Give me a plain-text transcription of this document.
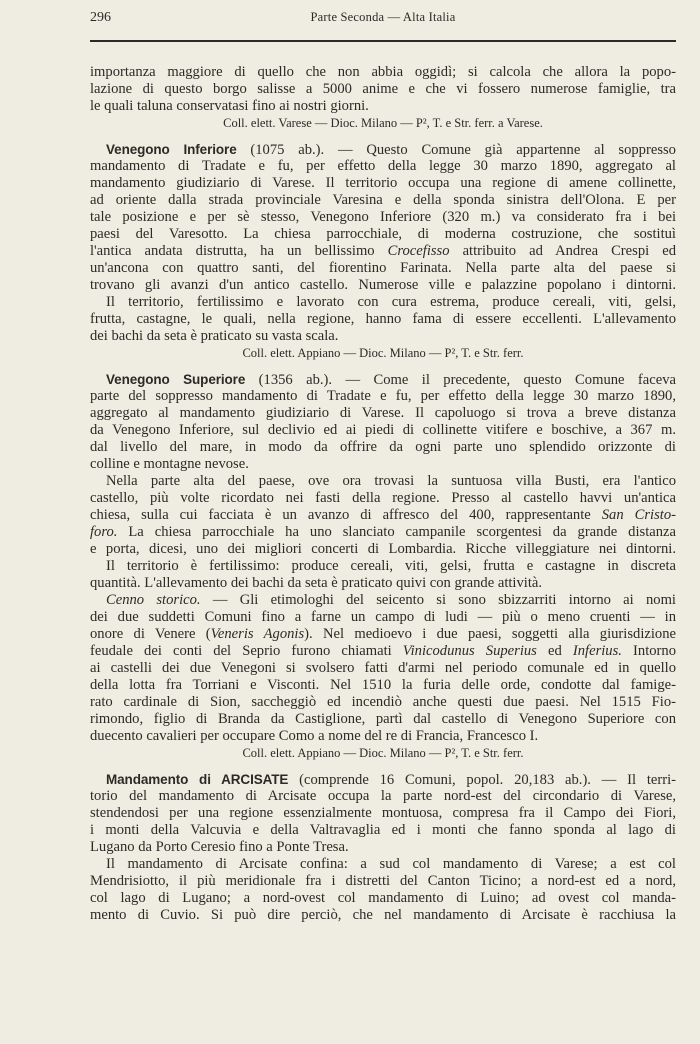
296	Parte Seconda — Alta Italia
importanza maggiore di quello che non abbia oggidì; si calcola che allora la popo-
lazione di questo borgo salisse a 5000 anime e che vi fossero numerose famiglie, tra
le quali taluna conservatasi fino ai nostri giorni.
Coll. elett. Varese — Dioc. Milano — P², T. e Str. ferr. a Varese.
Venegono Inferiore (1075 ab.). — Questo Comune già appartenne al soppresso
mandamento di Tradate e fu, per effetto della legge 30 marzo 1890, aggregato al
mandamento giudiziario di Varese. Il territorio occupa una regione di amene collinette,
ad oriente dalla strada provinciale Varesina e della sponda sinistra dell'Olona. E per
tale posizione e per sè stesso, Venegono Inferiore (320 m.) va considerato fra i bei
paesi del Varesotto. La chiesa parrocchiale, di moderna costruzione, che sostituì
l'antica andata distrutta, ha un bellissimo Crocefisso attribuito ad Andrea Crespi ed
un'ancona con quattro santi, del fiorentino Farinata. Nella parte alta del paese si
trovano gli avanzi d'un antico castello. Numerose ville e palazzine popolano i dintorni.
Il territorio, fertilissimo e lavorato con cura estrema, produce cereali, viti, gelsi,
frutta, castagne, le quali, nella regione, hanno fama di essere eccellenti. L'allevamento
dei bachi da seta è praticato su vasta scala.
Coll. elett. Appiano — Dioc. Milano — P², T. e Str. ferr.
Venegono Superiore (1356 ab.). — Come il precedente, questo Comune faceva
parte del soppresso mandamento di Tradate e fu, per effetto della legge 30 marzo 1890,
aggregato al mandamento giudiziario di Varese. Il capoluogo si trova a breve distanza
da Venegono Inferiore, sul declivio ed ai piedi di collinette vitifere e boschive, a 367 m.
dal livello del mare, in modo da offrire da ogni parte uno splendido orizzonte di
colline e montagne nevose.
Nella parte alta del paese, ove ora trovasi la suntuosa villa Busti, era l'antico
castello, più volte ricordato nei fasti della regione. Presso al castello havvi un'antica
chiesa, sulla cui facciata è un avanzo di affresco del 400, rappresentante San Cristo-
foro. La chiesa parrocchiale ha uno slanciato campanile scorgentesi da grande distanza
e porta, dicesi, uno dei migliori concerti di Lombardia. Ricche villeggiature nei dintorni.
Il territorio è fertilissimo: produce cereali, viti, gelsi, frutta e castagne in discreta
quantità. L'allevamento dei bachi da seta è praticato quivi con grande attività.
Cenno storico. — Gli etimologhi del seicento si sono sbizzarriti intorno ai nomi
dei due suddetti Comuni fino a farne un campo di ludi — più o meno cruenti — in
onore di Venere (Veneris Agonis). Nel medioevo i due paesi, soggetti alla giurisdizione
feudale dei conti del Seprio furono chiamati Vinicodunus Superius ed Inferius. Intorno
ai castelli dei due Venegoni si svolsero fatti d'armi nel periodo comunale ed in quello
della lotta fra Torriani e Visconti. Nel 1510 la furia delle orde, condotte dal famige-
rato cardinale di Sion, saccheggiò ed incendiò anche questi due paesi. Nel 1515 Fio-
rimondo, figlio di Branda da Castiglione, partì dal castello di Venegono Superiore con
duecento cavalieri per occupare Como a nome del re di Francia, Francesco I.
Coll. elett. Appiano — Dioc. Milano — P², T. e Str. ferr.
Mandamento di ARCISATE (comprende 16 Comuni, popol. 20,183 ab.). — Il terri-
torio del mandamento di Arcisate occupa la parte nord-est del circondario di Varese,
stendendosi per una regione essenzialmente montuosa, compresa fra il Campo dei Fiori,
i monti della Valcuvia e della Valtravaglia ed i monti che fanno sponda al lago di
Lugano da Porto Ceresio fino a Ponte Tresa.
Il mandamento di Arcisate confina: a sud col mandamento di Varese; a est col
Mendrisiotto, il più meridionale fra i distretti del Canton Ticino; a nord-est ed a nord,
col lago di Lugano; a nord-ovest col mandamento di Luino; ad ovest col manda-
mento di Cuvio. Si può dire perciò, che nel mandamento di Arcisate è racchiusa la
